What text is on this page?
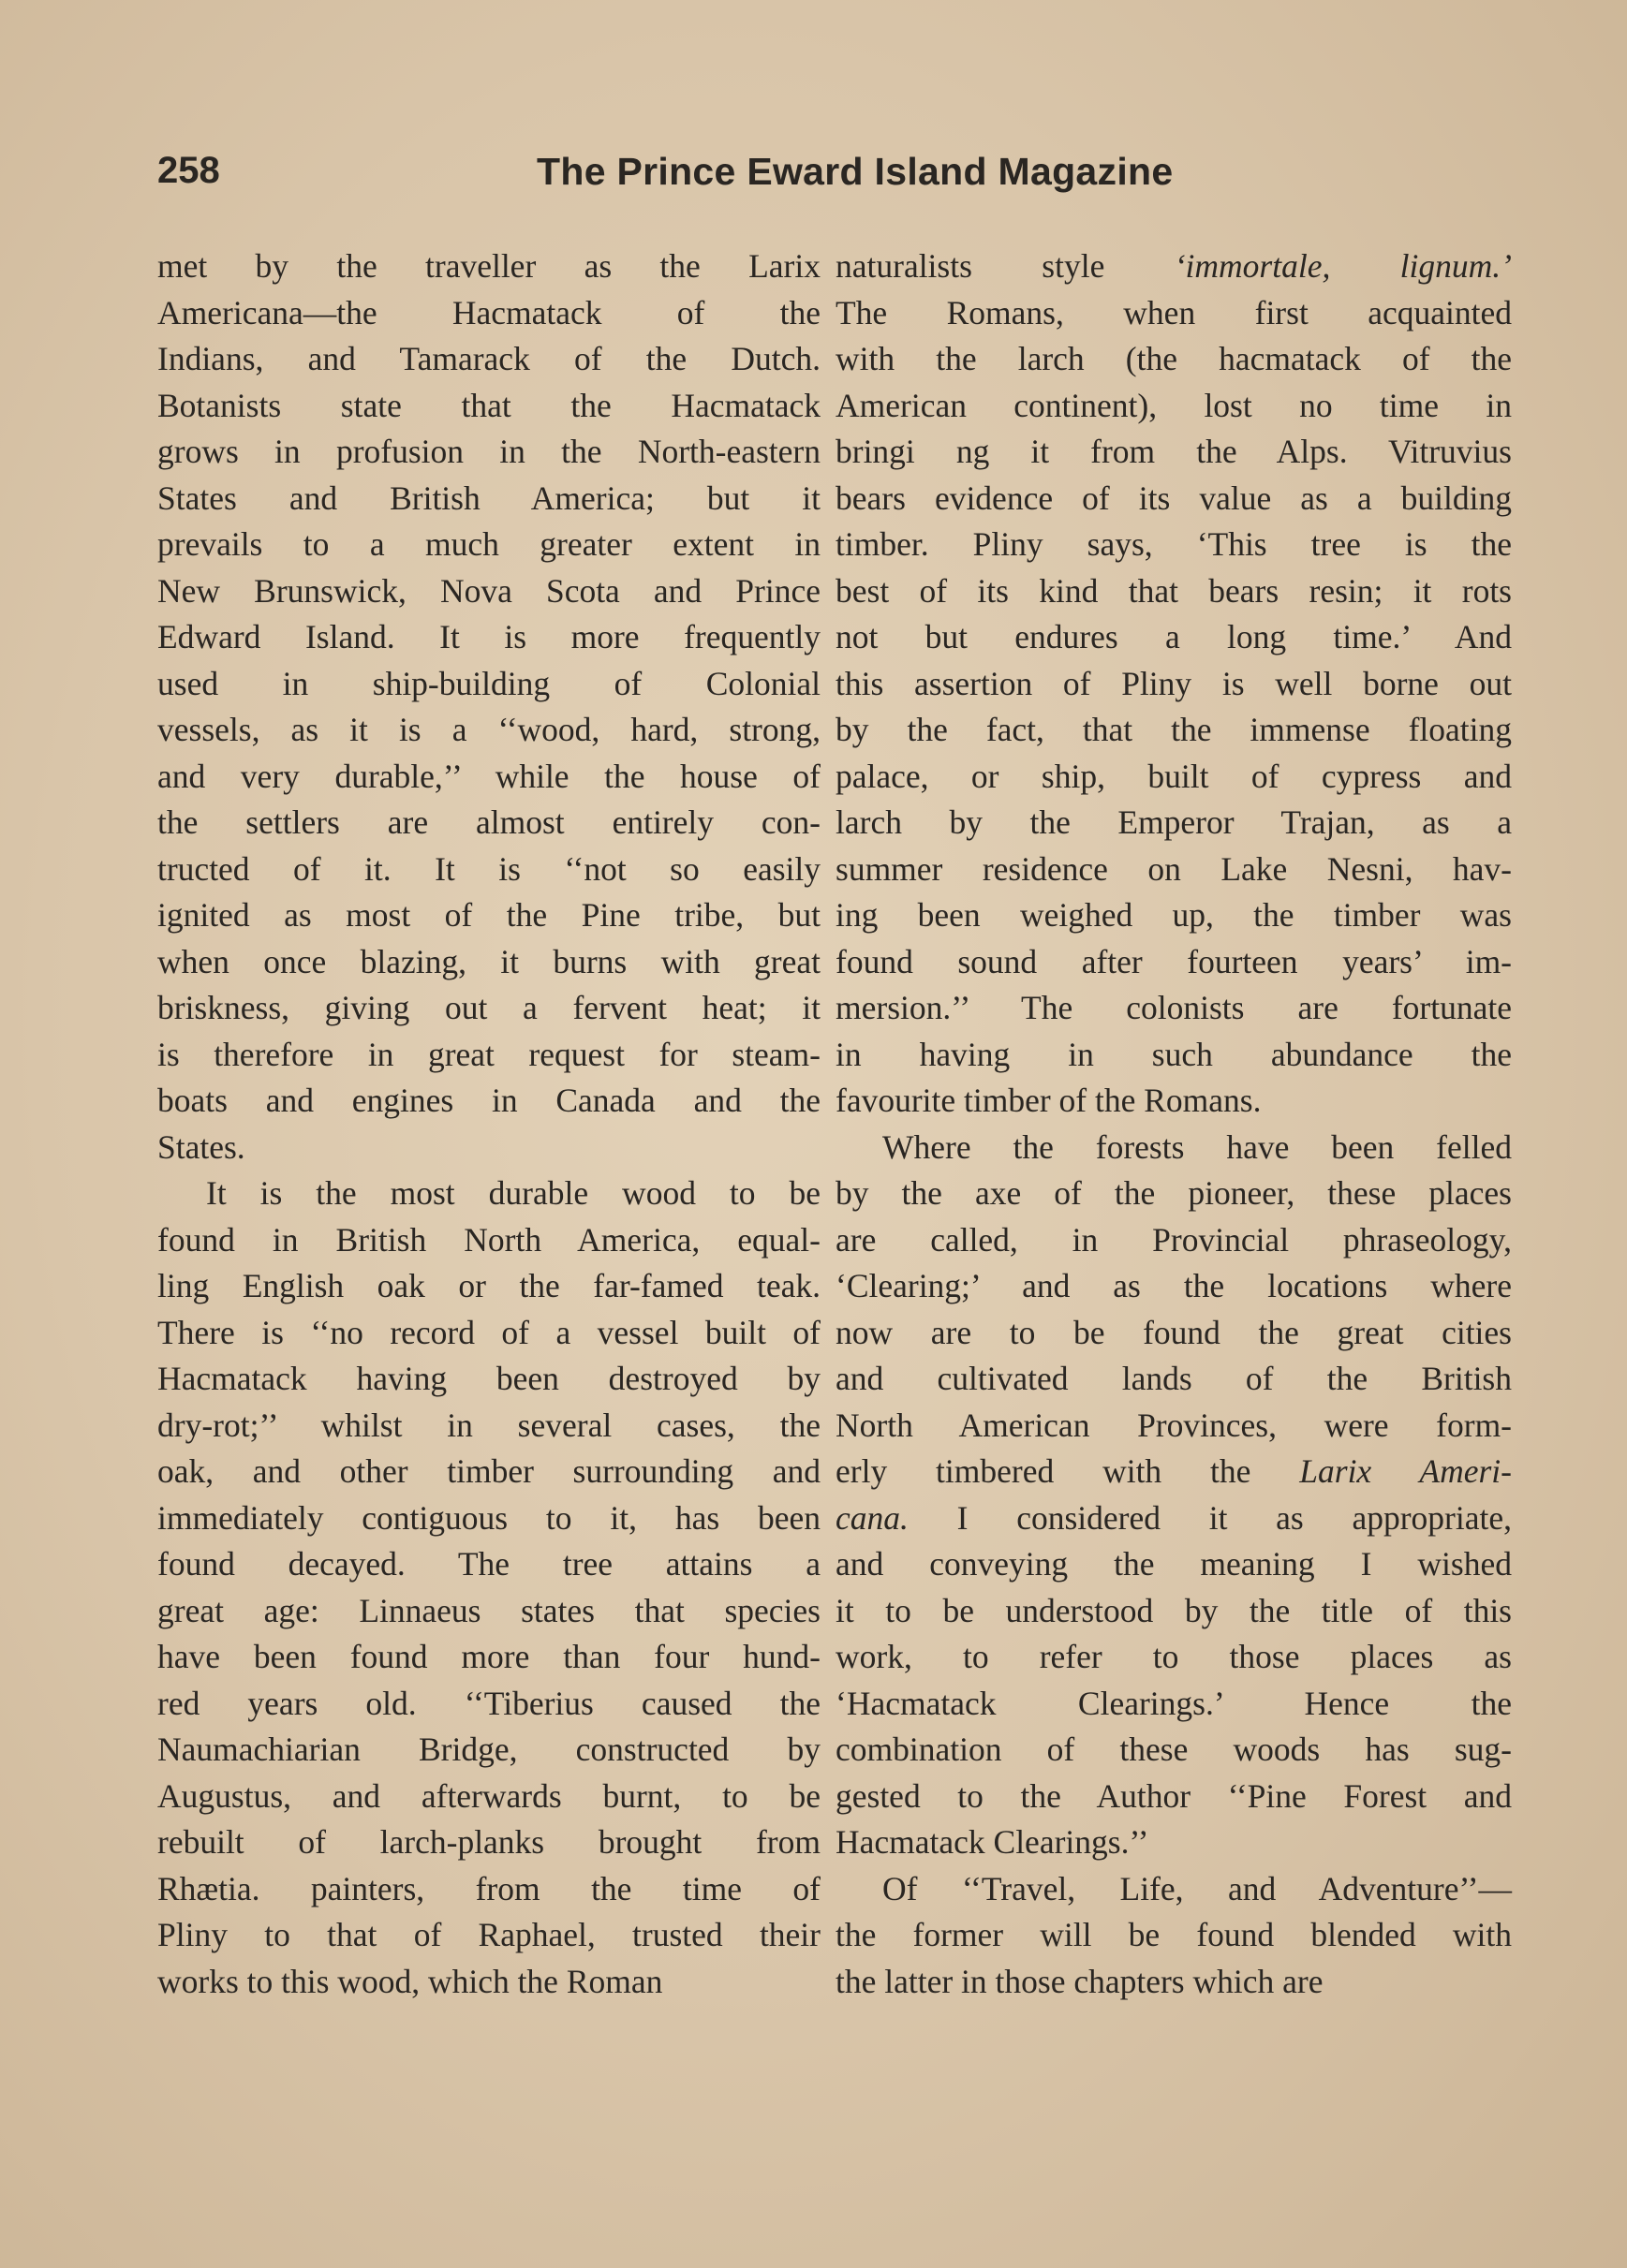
258	The Prince Eward Island Magazine
met by the traveller as the Larix
Americana—the Hacmatack of the
Indians, and Tamarack of the Dutch.
Botanists state that the Hacmatack
grows in profusion in the North-eastern
States and British America; but it
prevails to a much greater extent in
New Brunswick, Nova Scota and Prince
Edward Island. It is more frequently
used in ship-building of Colonial
vessels, as it is a ‘‘wood, hard, strong,
and very durable,’’ while the house of
the settlers are almost entirely con-
tructed of it. It is ‘‘not so easily
ignited as most of the Pine tribe, but
when once blazing, it burns with great
briskness, giving out a fervent heat; it
is therefore in great request for steam-
boats and engines in Canada and the
States.
It is the most durable wood to be
found in British North America, equal-
ling English oak or the far-famed teak.
There is ‘‘no record of a vessel built of
Hacmatack having been destroyed by
dry-rot;’’ whilst in several cases, the
oak, and other timber surrounding and
immediately contiguous to it, has been
found decayed. The tree attains a
great age: Linnaeus states that species
have been found more than four hund-
red years old. ‘‘Tiberius caused the
Naumachiarian Bridge, constructed by
Augustus, and afterwards burnt, to be
rebuilt of larch-planks brought from
Rhætia. painters, from the time of
Pliny to that of Raphael, trusted their
works to this wood, which the Roman
naturalists style ‘immortale, lignum.’
The Romans, when first acquainted
with the larch (the hacmatack of the
American continent), lost no time in
bringi ng it from the Alps. Vitruvius
bears evidence of its value as a building
timber. Pliny says, ‘This tree is the
best of its kind that bears resin; it rots
not but endures a long time.’ And
this assertion of Pliny is well borne out
by the fact, that the immense floating
palace, or ship, built of cypress and
larch by the Emperor Trajan, as a
summer residence on Lake Nesni, hav-
ing been weighed up, the timber was
found sound after fourteen years’ im-
mersion.’’ The colonists are fortunate
in having in such abundance the
favourite timber of the Romans.
Where the forests have been felled
by the axe of the pioneer, these places
are called, in Provincial phraseology,
‘Clearing;’ and as the locations where
now are to be found the great cities
and cultivated lands of the British
North American Provinces, were form-
erly timbered with the Larix Ameri-
cana. I considered it as appropriate,
and conveying the meaning I wished
it to be understood by the title of this
work, to refer to those places as
‘Hacmatack Clearings.’ Hence the
combination of these woods has sug-
gested to the Author ‘‘Pine Forest and
Hacmatack Clearings.’’
Of ‘‘Travel, Life, and Adventure’’—
the former will be found blended with
the latter in those chapters which are
